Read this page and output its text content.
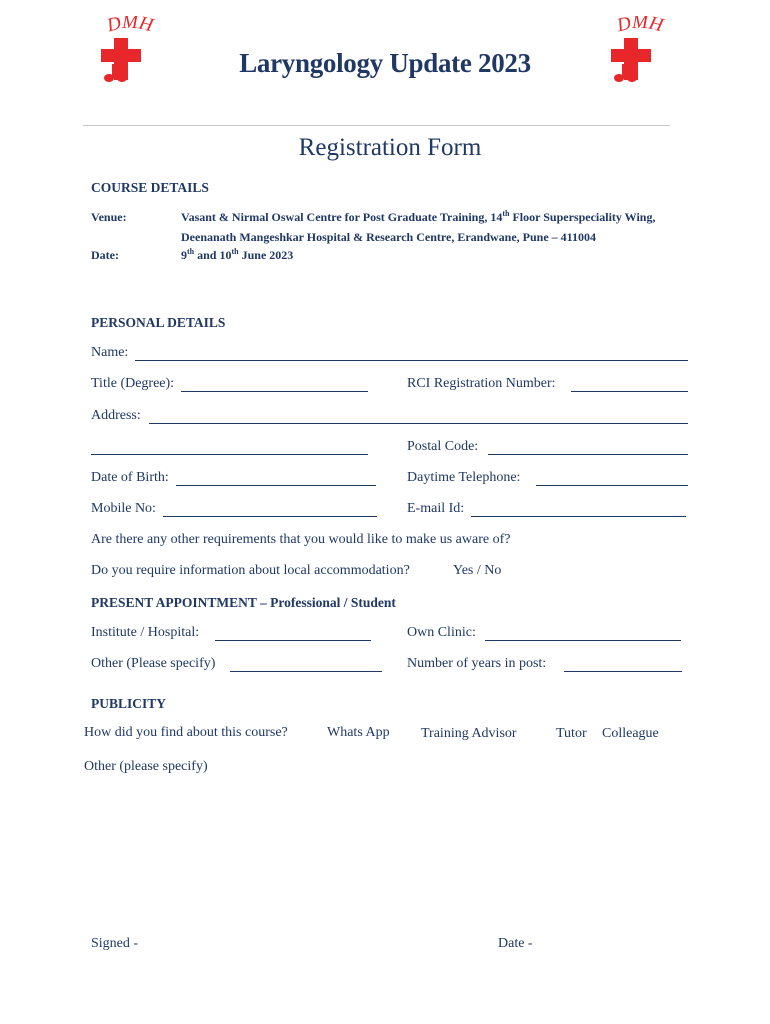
DMH	DMH
Laryngology Update 2023
Registration Form
COURSE DETAILS
Venue:	Vasant & Nirmal Oswal Centre for Post Graduate Training, 14th Floor Superspeciality Wing,
Deenanath Mangeshkar Hospital & Research Centre, Erandwane, Pune – 411004
Date:	9th and 10th June 2023
PERSONAL DETAILS
Name:
Title (Degree):	RCI Registration Number:
Address:
Postal Code:
Date of Birth:	Daytime Telephone:
Mobile No:	E-mail Id:
Are there any other requirements that you would like to make us aware of?
Do you require information about local accommodation?	Yes / No
PRESENT APPOINTMENT – Professional / Student
Institute / Hospital:	Own Clinic:
Other (Please specify)	Number of years in post:
PUBLICITY
How did you find about this course?	Whats App Training Advisor	Tutor Colleague
Other (please specify)
Signed -	Date -
